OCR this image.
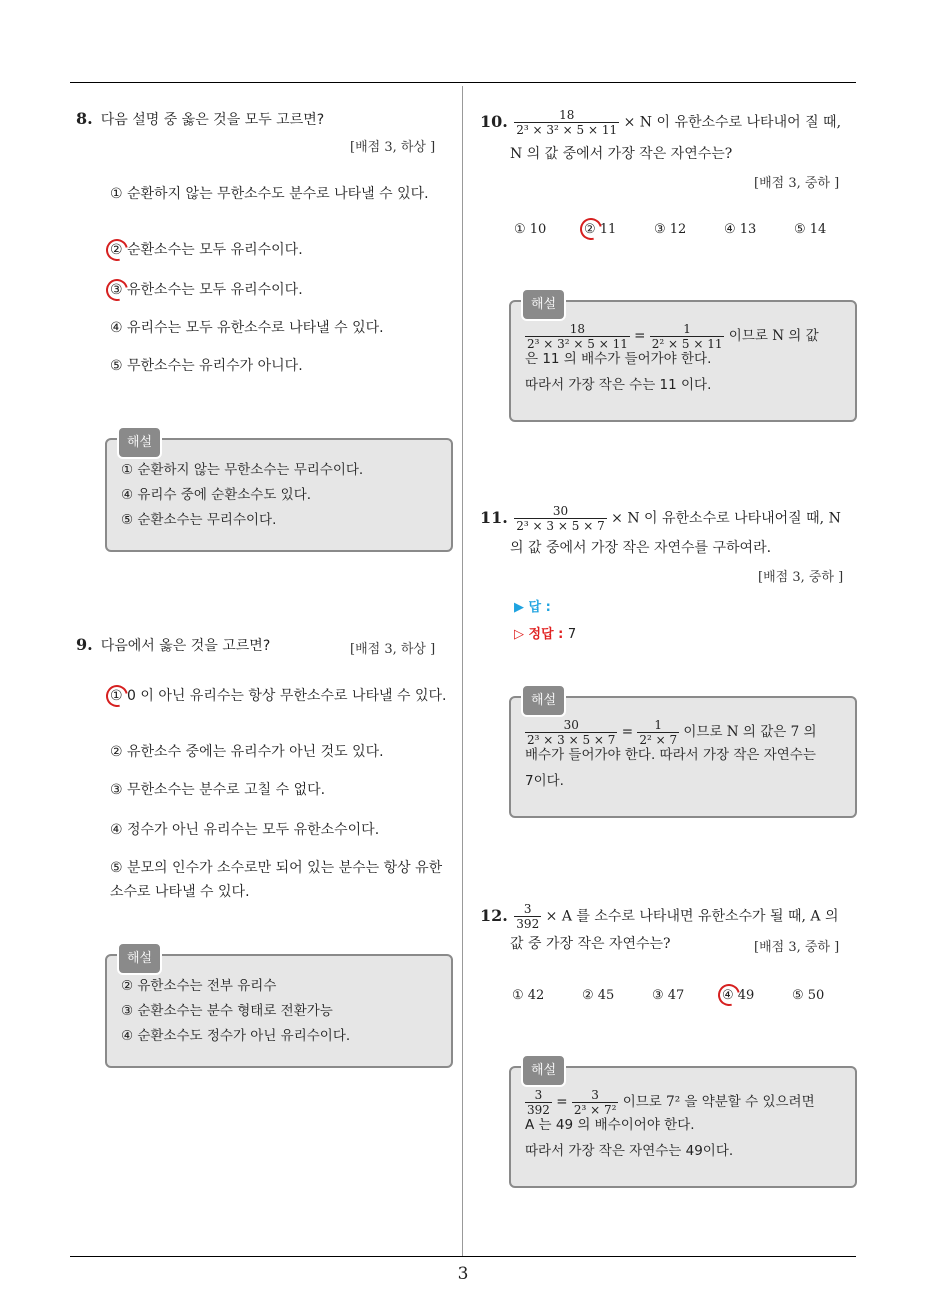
8. 다음 설명 중 옳은 것을 모두 고르면?
[배점 3, 하상 ]
① 순환하지 않는 무한소수도 분수로 나타낼 수 있다.
② 순환소수는 모두 유리수이다.
③ 유한소수는 모두 유리수이다.
④ 유리수는 모두 유한소수로 나타낼 수 있다.
⑤ 무한소수는 유리수가 아니다.
해설
① 순환하지 않는 무한소수는 무리수이다.
④ 유리수 중에 순환소수도 있다.
⑤ 순환소수는 무리수이다.
9. 다음에서 옳은 것을 고르면?	[배점 3, 하상 ]
① 0 이 아닌 유리수는 항상 무한소수로 나타낼 수 있다.
② 유한소수 중에는 유리수가 아닌 것도 있다.
③ 무한소수는 분수로 고칠 수 없다.
④ 정수가 아닌 유리수는 모두 유한소수이다.
⑤ 분모의 인수가 소수로만 되어 있는 분수는 항상 유한소수로 나타낼 수 있다.
해설
② 유한소수는 전부 유리수
③ 순환소수는 분수 형태로 전환가능
④ 순환소수도 정수가 아닌 유리수이다.
10. $\frac{18}{\text{2³ × 3² × 5 × 11}} \times N$ 이 유한소수로 나타내어 질 때,
N 의 값 중에서 가장 작은 자연수는?
[배점 3, 중하 ]
① 10	② 11	③ 12	④ 13	⑤ 14
해설
$\frac{18}{\text{2³ × 3² × 5 × 11}} = \frac{1}{\text{2² × 5 × 11}}$ 이므로 N 의 값
은 11 의 배수가 들어가야 한다.
따라서 가장 작은 수는 11 이다.
11. $\frac{30}{\text{2³ × 3 × 5 × 7}} \times N$ 이 유한소수로 나타내어질 때, N
의 값 중에서 가장 작은 자연수를 구하여라.
[배점 3, 중하 ]
▶ 답 :
▷ 정답 : 7
해설
$\frac{30}{\text{2³ × 3 × 5 × 7}} = \frac{1}{\text{2² × 7}}$ 이므로 N 의 값은 7 의
배수가 들어가야 한다. 따라서 가장 작은 자연수는
7이다.
12. $\frac{3}{392} \times A$ 를 소수로 나타내면 유한소수가 될 때, A 의
값 중 가장 작은 자연수는?	[배점 3, 중하 ]
① 42	② 45	③ 47	④ 49	⑤ 50
해설
$\frac{3}{392} = \frac{3}{\text{2³ × 7²}}$ 이므로 7² 을 약분할 수 있으려면
A 는 49 의 배수이어야 한다.
따라서 가장 작은 자연수는 49이다.
3
